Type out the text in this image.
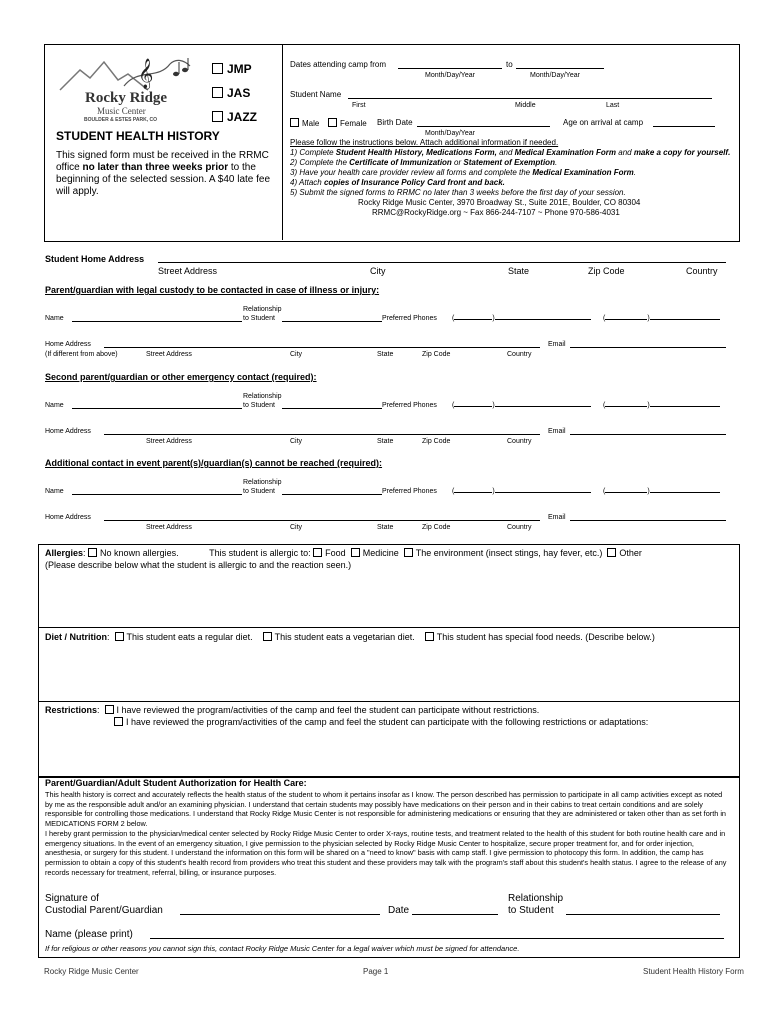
𝄞
Rocky Ridge
Music Center
BOULDER & ESTES PARK, CO
JMP
JAS
JAZZ
STUDENT HEALTH HISTORY
This signed form must be received in the RRMC office no later than three weeks prior to the beginning of the selected session. A $40 late fee will apply.
Dates attending camp from	to
Month/Day/Year	Month/Day/Year
Student Name
First	Middle	Last
Male	Female Birth Date
Month/Day/Year
Age on arrival at camp
Please follow the instructions below. Attach additional information if needed.
1) Complete Student Health History, Medications Form, and Medical Examination Form and make a copy for yourself.
2) Complete the Certificate of Immunization or Statement of Exemption.
3) Have your health care provider review all forms and complete the Medical Examination Form.
4) Attach copies of Insurance Policy Card front and back.
5) Submit the signed forms to RRMC no later than 3 weeks before the first day of your session.
Rocky Ridge Music Center, 3970 Broadway St., Suite 201E, Boulder, CO 80304
RRMC@RockyRidge.org ~ Fax 866-244-7107 ~ Phone 970-586-4031
Student Home Address
Street Address	City	State	Zip Code	Country
Parent/guardian with legal custody to be contacted in case of illness or injury:
Relationship
Name	to Student	Preferred Phones (	)	(	)
Home Address	Email
(If different from above)	Street Address	City	State	Zip Code	Country
Second parent/guardian or other emergency contact (required):
Relationship
Name	to Student	Preferred Phones (	)	(	)
Home Address	Email
Street Address	City	State	Zip Code	Country
Additional contact in event parent(s)/guardian(s) cannot be reached (required):
Relationship
Name	to Student	Preferred Phones (	)	(	)
Home Address	Email
Street Address	City	State	Zip Code	Country
Allergies: No known allergies.	This student is allergic to: Food Medicine The environment (insect stings, hay fever, etc.) Other
(Please describe below what the student is allergic to and the reaction seen.)
Diet / Nutrition:  This student eats a regular diet. This student eats a vegetarian diet. This student has special food needs. (Describe below.)
Restrictions:  I have reviewed the program/activities of the camp and feel the student can participate without restrictions.
I have reviewed the program/activities of the camp and feel the student can participate with the following restrictions or adaptations:
Parent/Guardian/Adult Student Authorization for Health Care:
This health history is correct and accurately reflects the health status of the student to whom it pertains insofar as I know. The person described has permission to participate in all camp activities except as noted by me as the responsible adult and/or an examining physician. I understand that certain students may possibly have medications on their person and in their cabins to treat certain conditions and are solely responsible for controlling those medications. I understand that Rocky Ridge Music Center is not responsible for administering medications or ensuring that they are administered or taken other than as set forth in MEDICATIONS FORM 2 below.
I hereby grant permission to the physician/medical center selected by Rocky Ridge Music Center to order X-rays, routine tests, and treatment related to the health of this student for both routine health care and in emergency situations. In the event of an emergency situation, I give permission to the physician selected by Rocky Ridge Music Center to hospitalize, secure proper treatment for, and for order injection, anesthesia, or surgery for this student. I understand the information on this form will be shared on a "need to know" basis with camp staff. I give permission to photocopy this form. In addition, the camp has permission to obtain a copy of this student's health record from providers who treat this student and these providers may talk with the program's staff about this student's health status. I agree to the release of any records necessary for treatment, referral, billing, or insurance purposes.
Signature of
Custodial Parent/Guardian	Date
Relationship
to Student
Name (please print)
If for religious or other reasons you cannot sign this, contact Rocky Ridge Music Center for a legal waiver which must be signed for attendance.
Rocky Ridge Music Center	Page 1	Student Health History Form
